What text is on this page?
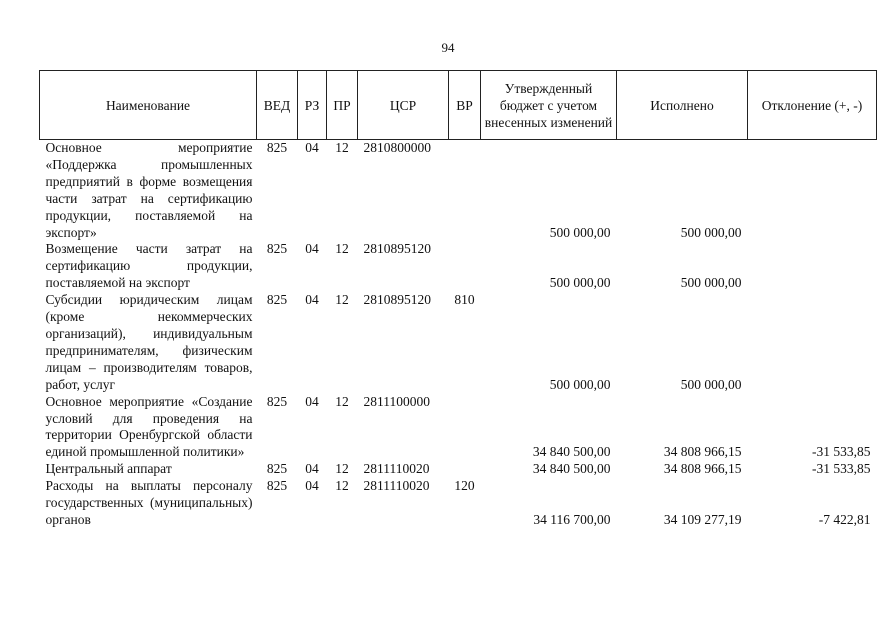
94
Наименование	ВЕД	РЗ	ПР	ЦСР	ВР	Утвержденный бюджет с учетом внесенных изменений	Исполнено	Отклонение (+, -)
Основное мероприятие «Поддержка промышленных предприятий в форме возмещения части затрат на сертификацию продукции, поставляемой на экспорт»	825	04	12	2810800000		500 000,00	500 000,00	
Возмещение части затрат на сертификацию продукции, поставляемой на экспорт	825	04	12	2810895120		500 000,00	500 000,00	
Субсидии юридическим лицам (кроме некоммерческих организаций), индивидуальным предпринимателям, физическим лицам – производителям товаров, работ, услуг	825	04	12	2810895120	810	500 000,00	500 000,00	
Основное мероприятие «Создание условий для проведения на территории Оренбургской области единой промышленной политики»	825	04	12	2811100000		34 840 500,00	34 808 966,15	-31 533,85
Центральный аппарат	825	04	12	2811110020		34 840 500,00	34 808 966,15	-31 533,85
Расходы на выплаты персоналу государственных (муниципальных) органов	825	04	12	2811110020	120	34 116 700,00	34 109 277,19	-7 422,81
